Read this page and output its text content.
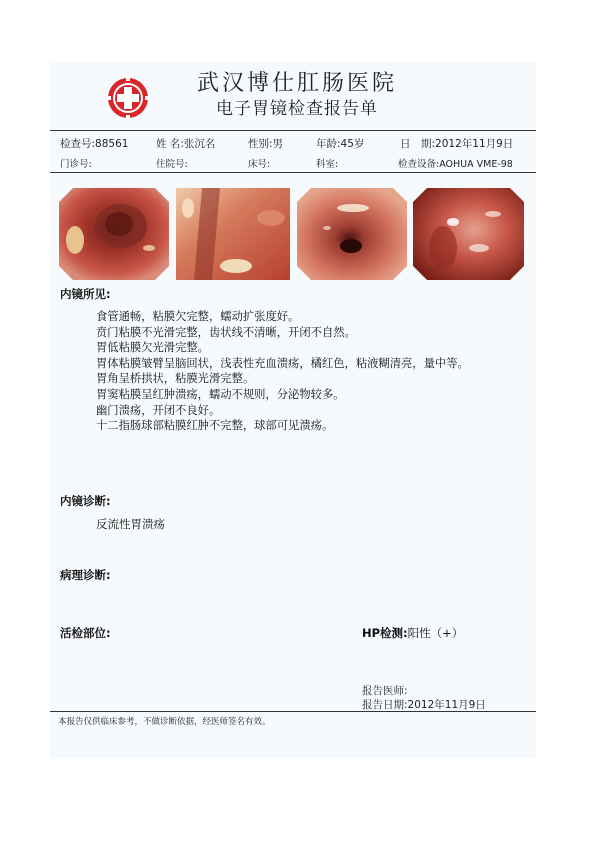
武汉博仕肛肠医院
电子胃镜检查报告单
检查号:88561	姓 名:张沉名	性别:男	年龄:45岁	日　期:2012年11月9日
门诊号:	住院号:	床号:	科室:	检查设备:AOHUA VME-98
内镜所见:
食管通畅，粘膜欠完整，蠕动扩张度好。
贲门粘膜不光滑完整，齿状线不清晰，开闭不自然。
胃低粘膜欠光滑完整。
胃体粘膜皱臂呈脑回状，浅表性充血溃疡，橘红色，粘液糊清亮，量中等。
胃角呈桥拱状，粘膜光滑完整。
胃窦粘膜呈红肿溃疡，蠕动不规则，分泌物较多。
幽门溃疡，开闭不良好。
十二指肠球部粘膜红肿不完整，球部可见溃疡。
内镜诊断:
反流性胃溃疡
病理诊断:
活检部位:	HP检测:阳性（+）
报告医师:
报告日期:2012年11月9日
本报告仅供临床参考，不做诊断依据，经医师签名有效。
